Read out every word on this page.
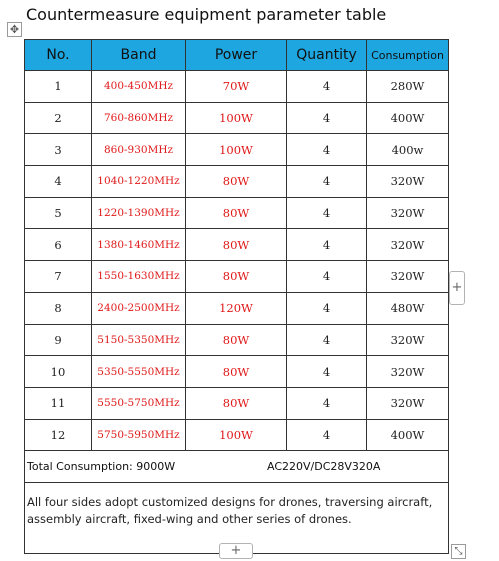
Countermeasure equipment parameter table
✥
No.	Band	Power	Quantity	Consumption
1	400-450MHz	70W	4	280W
2	760-860MHz	100W	4	400W
3	860-930MHz	100W	4	400w
4	1040-1220MHz	80W	4	320W
5	1220-1390MHz	80W	4	320W
6	1380-1460MHz	80W	4	320W
7	1550-1630MHz	80W	4	320W
8	2400-2500MHz	120W	4	480W
9	5150-5350MHz	80W	4	320W
10	5350-5550MHz	80W	4	320W
11	5550-5750MHz	80W	4	320W
12	5750-5950MHz	100W	4	400W

Total Consumption: 9000W AC220V/DC28V320A				

All four sides adopt customized designs for drones, traversing aircraft, assembly aircraft, fixed-wing and other series of drones.				
+
+	⤡
